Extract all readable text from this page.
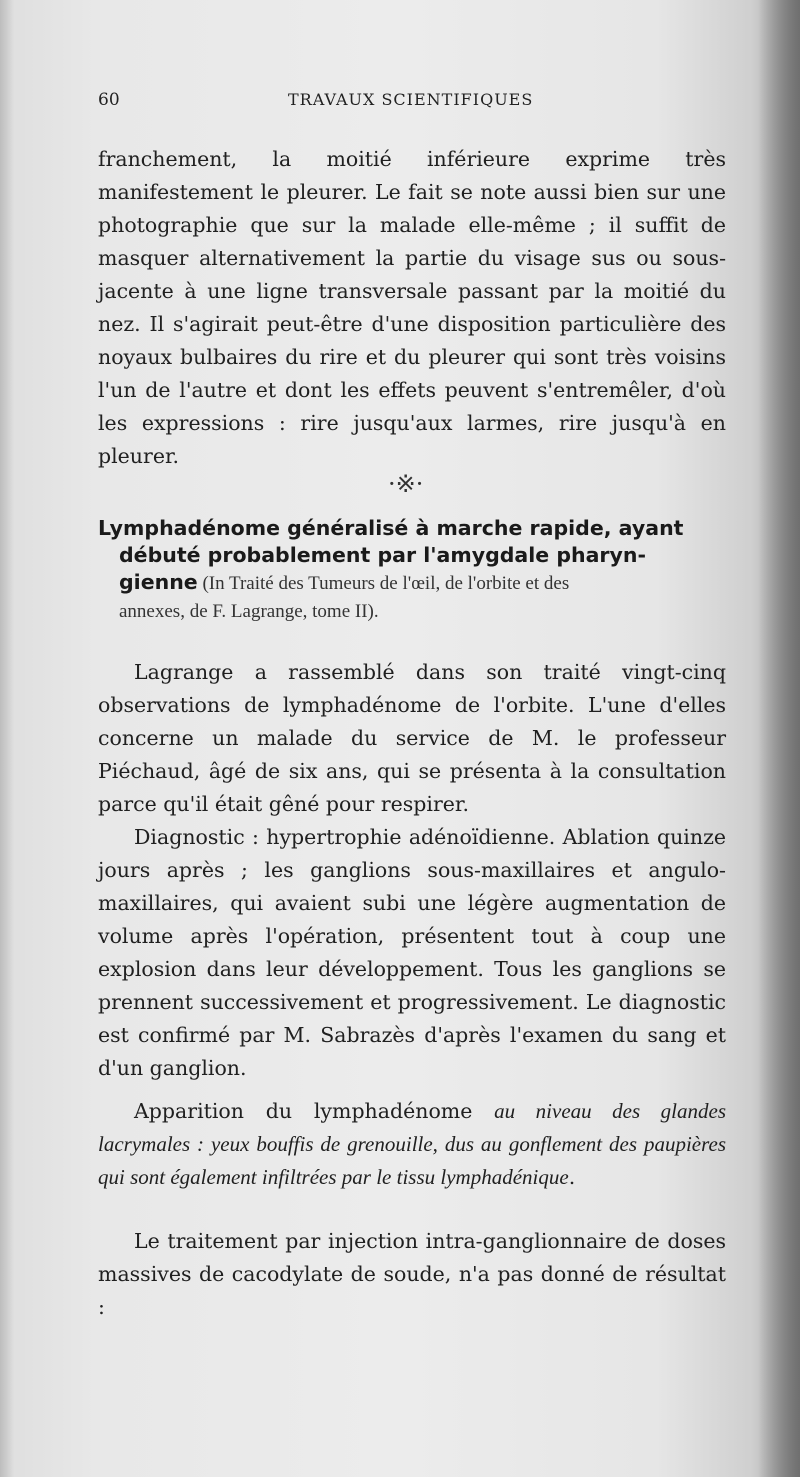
60	TRAVAUX SCIENTIFIQUES
franchement, la moitié inférieure exprime très manifestement le pleurer. Le fait se note aussi bien sur une photographie que sur la malade elle-même ; il suffit de masquer alternativement la partie du visage sus ou sous-jacente à une ligne transversale passant par la moitié du nez. Il s'agirait peut-être d'une disposition particulière des noyaux bulbaires du rire et du pleurer qui sont très voisins l'un de l'autre et dont les effets peuvent s'entremêler, d'où les expressions : rire jusqu'aux larmes, rire jusqu'à en pleurer.
·※·
Lymphadénome généralisé à marche rapide, ayant
débuté probablement par l'amygdale pharyn-
gienne (In Traité des Tumeurs de l'œil, de l'orbite et des
annexes, de F. Lagrange, tome II).
Lagrange a rassemblé dans son traité vingt-cinq observations de lymphadénome de l'orbite. L'une d'elles concerne un malade du service de M. le professeur Piéchaud, âgé de six ans, qui se présenta à la consultation parce qu'il était gêné pour respirer.
Diagnostic : hypertrophie adénoïdienne. Ablation quinze jours après ; les ganglions sous-maxillaires et angulo-maxillaires, qui avaient subi une légère augmentation de volume après l'opération, présentent tout à coup une explosion dans leur développement. Tous les ganglions se prennent successivement et progressivement. Le diagnostic est confirmé par M. Sabrazès d'après l'examen du sang et d'un ganglion.
Apparition du lymphadénome au niveau des glandes lacrymales : yeux bouffis de grenouille, dus au gonflement des paupières qui sont également infiltrées par le tissu lymphadénique.
Le traitement par injection intra-ganglionnaire de doses massives de cacodylate de soude, n'a pas donné de résultat :
